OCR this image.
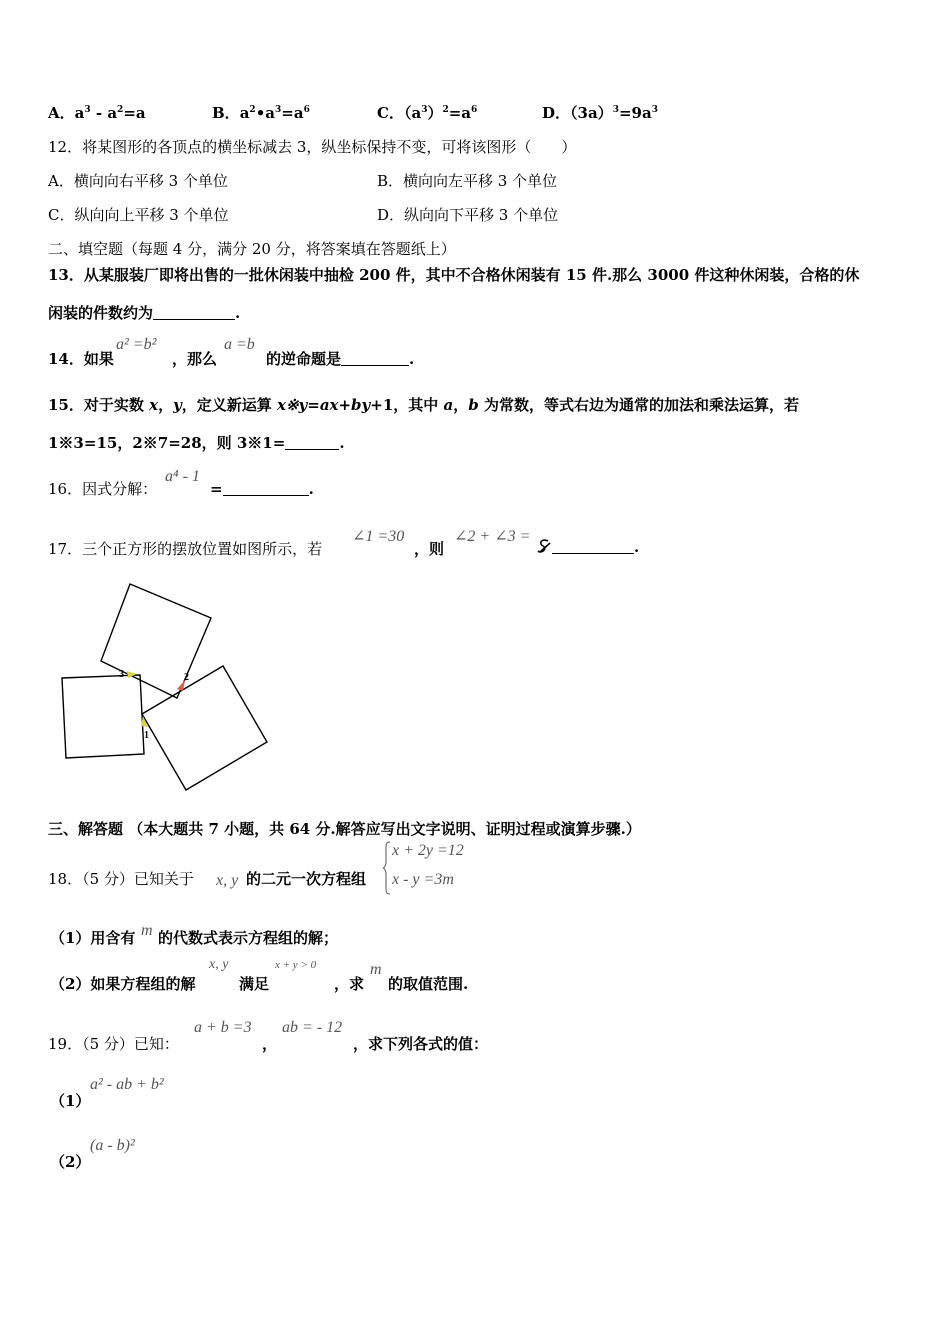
A．$a^3 - a^2=a$	B．$a^2•a^3=a^6$	C．$(a^3)^2=a^6$	D．$(3a)^3=9a^3$
12．将某图形的各顶点的横坐标减去 3，纵坐标保持不变，可将该图形（　　）
A．横向向右平移 3 个单位	B．横向向左平移 3 个单位
C．纵向向上平移 3 个单位	D．纵向向下平移 3 个单位
二、填空题（每题 4 分，满分 20 分，将答案填在答题纸上）
13．从某服装厂即将出售的一批休闲装中抽检 200 件，其中不合格休闲装有 15 件.那么 3000 件这种休闲装，合格的休
闲装的件数约为	.
14．如果
a² =b²
，那么
a =b
的逆命题是	.
15．对于实数 x，y，定义新运算 x※y=ax+by+1，其中 a，b 为常数，等式右边为通常的加法和乘法运算，若
1※3=15，2※7=28，则 3※1=	.
16．因式分解：
a⁴ - 1
=	.
17．三个正方形的摆放位置如图所示，若
∠1 =30
，则
∠2 + ∠3 =
.
3	2
1
三、解答题 （本大题共 7 小题，共 64 分.解答应写出文字说明、证明过程或演算步骤.）
18．（5 分）已知关于 x, y 的二元一次方程组
x + 2y =12
x - y =3m
（1）用含有 m 的代数式表示方程组的解；
（2）如果方程组的解
x, y
满足
x + y > 0
，求
m
的取值范围.
19．（5 分）已知：
a + b =3
，
ab = - 12
，求下列各式的值：
（1）
a² - ab + b²
（2）
(a - b)²
